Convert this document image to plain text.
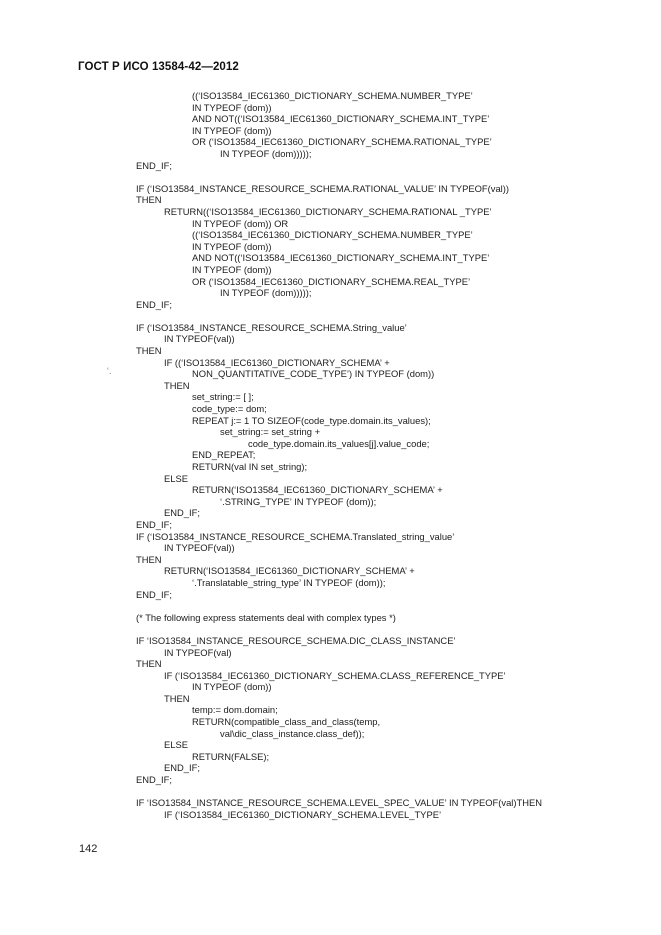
ГОСТ Р ИСО 13584-42—2012
‘.
((‘ISO13584_IEC61360_DICTIONARY_SCHEMA.NUMBER_TYPE’
IN TYPEOF (dom))
AND NOT((‘ISO13584_IEC61360_DICTIONARY_SCHEMA.INT_TYPE’
IN TYPEOF (dom))
OR (‘ISO13584_IEC61360_DICTIONARY_SCHEMA.RATIONAL_TYPE’
IN TYPEOF (dom)))));
END_IF;
IF (‘ISO13584_INSTANCE_RESOURCE_SCHEMA.RATIONAL_VALUE’ IN TYPEOF(val))
THEN
RETURN((‘ISO13584_IEC61360_DICTIONARY_SCHEMA.RATIONAL _TYPE’
IN TYPEOF (dom)) OR
((‘ISO13584_IEC61360_DICTIONARY_SCHEMA.NUMBER_TYPE’
IN TYPEOF (dom))
AND NOT((‘ISO13584_IEC61360_DICTIONARY_SCHEMA.INT_TYPE’
IN TYPEOF (dom))
OR (‘ISO13584_IEC61360_DICTIONARY_SCHEMA.REAL_TYPE’
IN TYPEOF (dom)))));
END_IF;
IF (‘ISO13584_INSTANCE_RESOURCE_SCHEMA.String_value’
IN TYPEOF(val))
THEN
IF ((‘ISO13584_IEC61360_DICTIONARY_SCHEMA’ +
NON_QUANTITATIVE_CODE_TYPE’) IN TYPEOF (dom))
THEN
set_string:= [ ];
code_type:= dom;
REPEAT j:= 1 TO SIZEOF(code_type.domain.its_values);
set_string:= set_string +
code_type.domain.its_values[j].value_code;
END_REPEAT;
RETURN(val IN set_string);
ELSE
RETURN(‘ISO13584_IEC61360_DICTIONARY_SCHEMA’ +
‘.STRING_TYPE’ IN TYPEOF (dom));
END_IF;
END_IF;
IF (‘ISO13584_INSTANCE_RESOURCE_SCHEMA.Translated_string_value’
IN TYPEOF(val))
THEN
RETURN(‘ISO13584_IEC61360_DICTIONARY_SCHEMA’ +
‘.Translatable_string_type’ IN TYPEOF (dom));
END_IF;
(* The following express statements deal with complex types *)
IF ‘ISO13584_INSTANCE_RESOURCE_SCHEMA.DIC_CLASS_INSTANCE’
IN TYPEOF(val)
THEN
IF (‘ISO13584_IEC61360_DICTIONARY_SCHEMA.CLASS_REFERENCE_TYPE’
IN TYPEOF (dom))
THEN
temp:= dom.domain;
RETURN(compatible_class_and_class(temp,
val\dic_class_instance.class_def));
ELSE
RETURN(FALSE);
END_IF;
END_IF;
IF ‘ISO13584_INSTANCE_RESOURCE_SCHEMA.LEVEL_SPEC_VALUE’ IN TYPEOF(val)THEN
IF (‘ISO13584_IEC61360_DICTIONARY_SCHEMA.LEVEL_TYPE’
142
